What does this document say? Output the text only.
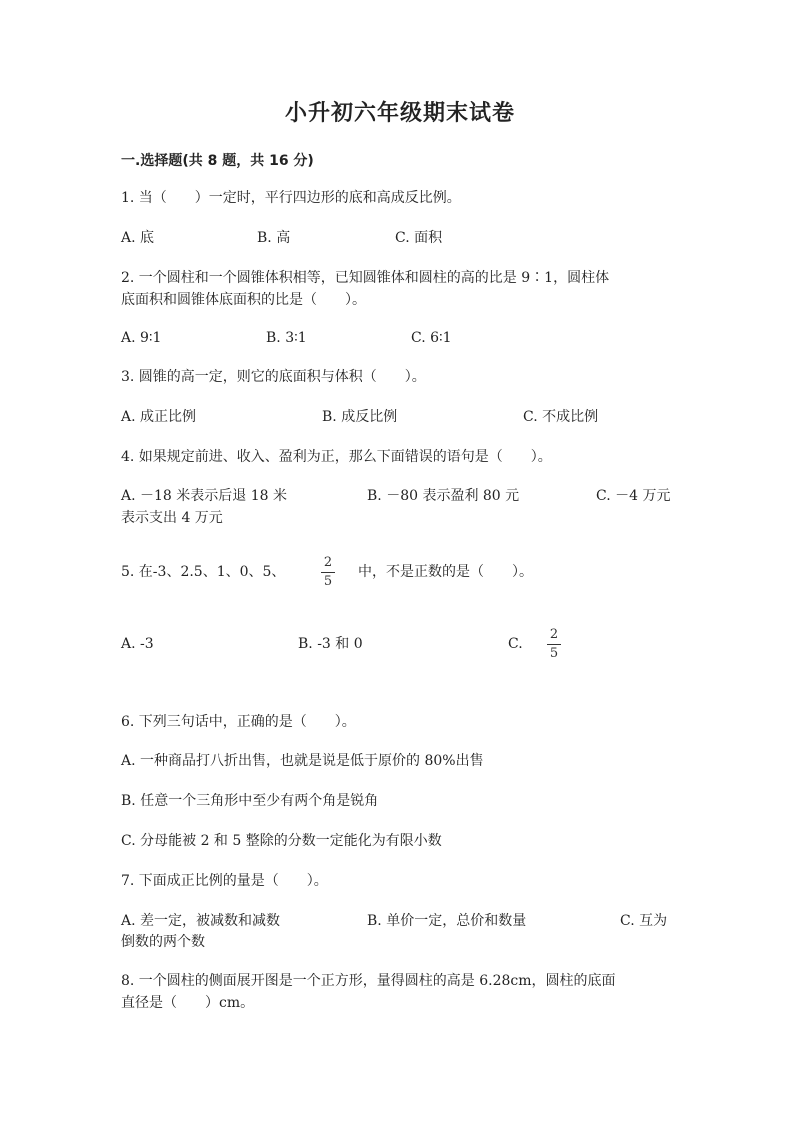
小升初六年级期末试卷
一.选择题(共 8 题，共 16 分)
1. 当（　　）一定时，平行四边形的底和高成反比例。
A. 底	B. 高	C. 面积
2. 一个圆柱和一个圆锥体积相等，已知圆锥体和圆柱的高的比是 9∶1，圆柱体
底面积和圆锥体底面积的比是（　　）。
A. 9∶1	B. 3∶1	C. 6∶1
3. 圆锥的高一定，则它的底面积与体积（　　）。
A. 成正比例	B. 成反比例	C. 不成比例
4. 如果规定前进、收入、盈利为正，那么下面错误的语句是（　　）。
A. －18 米表示后退 18 米	B. －80 表示盈利 80 元	C. －4 万元
表示支出 4 万元
5. 在-3、2.5、1、0、5、
2
5
中，不是正数的是（　　）。
A. -3	B. -3 和 0	C.
2
5
6. 下列三句话中，正确的是（　　）。
A. 一种商品打八折出售，也就是说是低于原价的 80%出售
B. 任意一个三角形中至少有两个角是锐角
C. 分母能被 2 和 5 整除的分数一定能化为有限小数
7. 下面成正比例的量是（　　）。
A. 差一定，被减数和减数	B. 单价一定，总价和数量	C. 互为
倒数的两个数
8. 一个圆柱的侧面展开图是一个正方形，量得圆柱的高是 6.28cm，圆柱的底面
直径是（　　）cm。
